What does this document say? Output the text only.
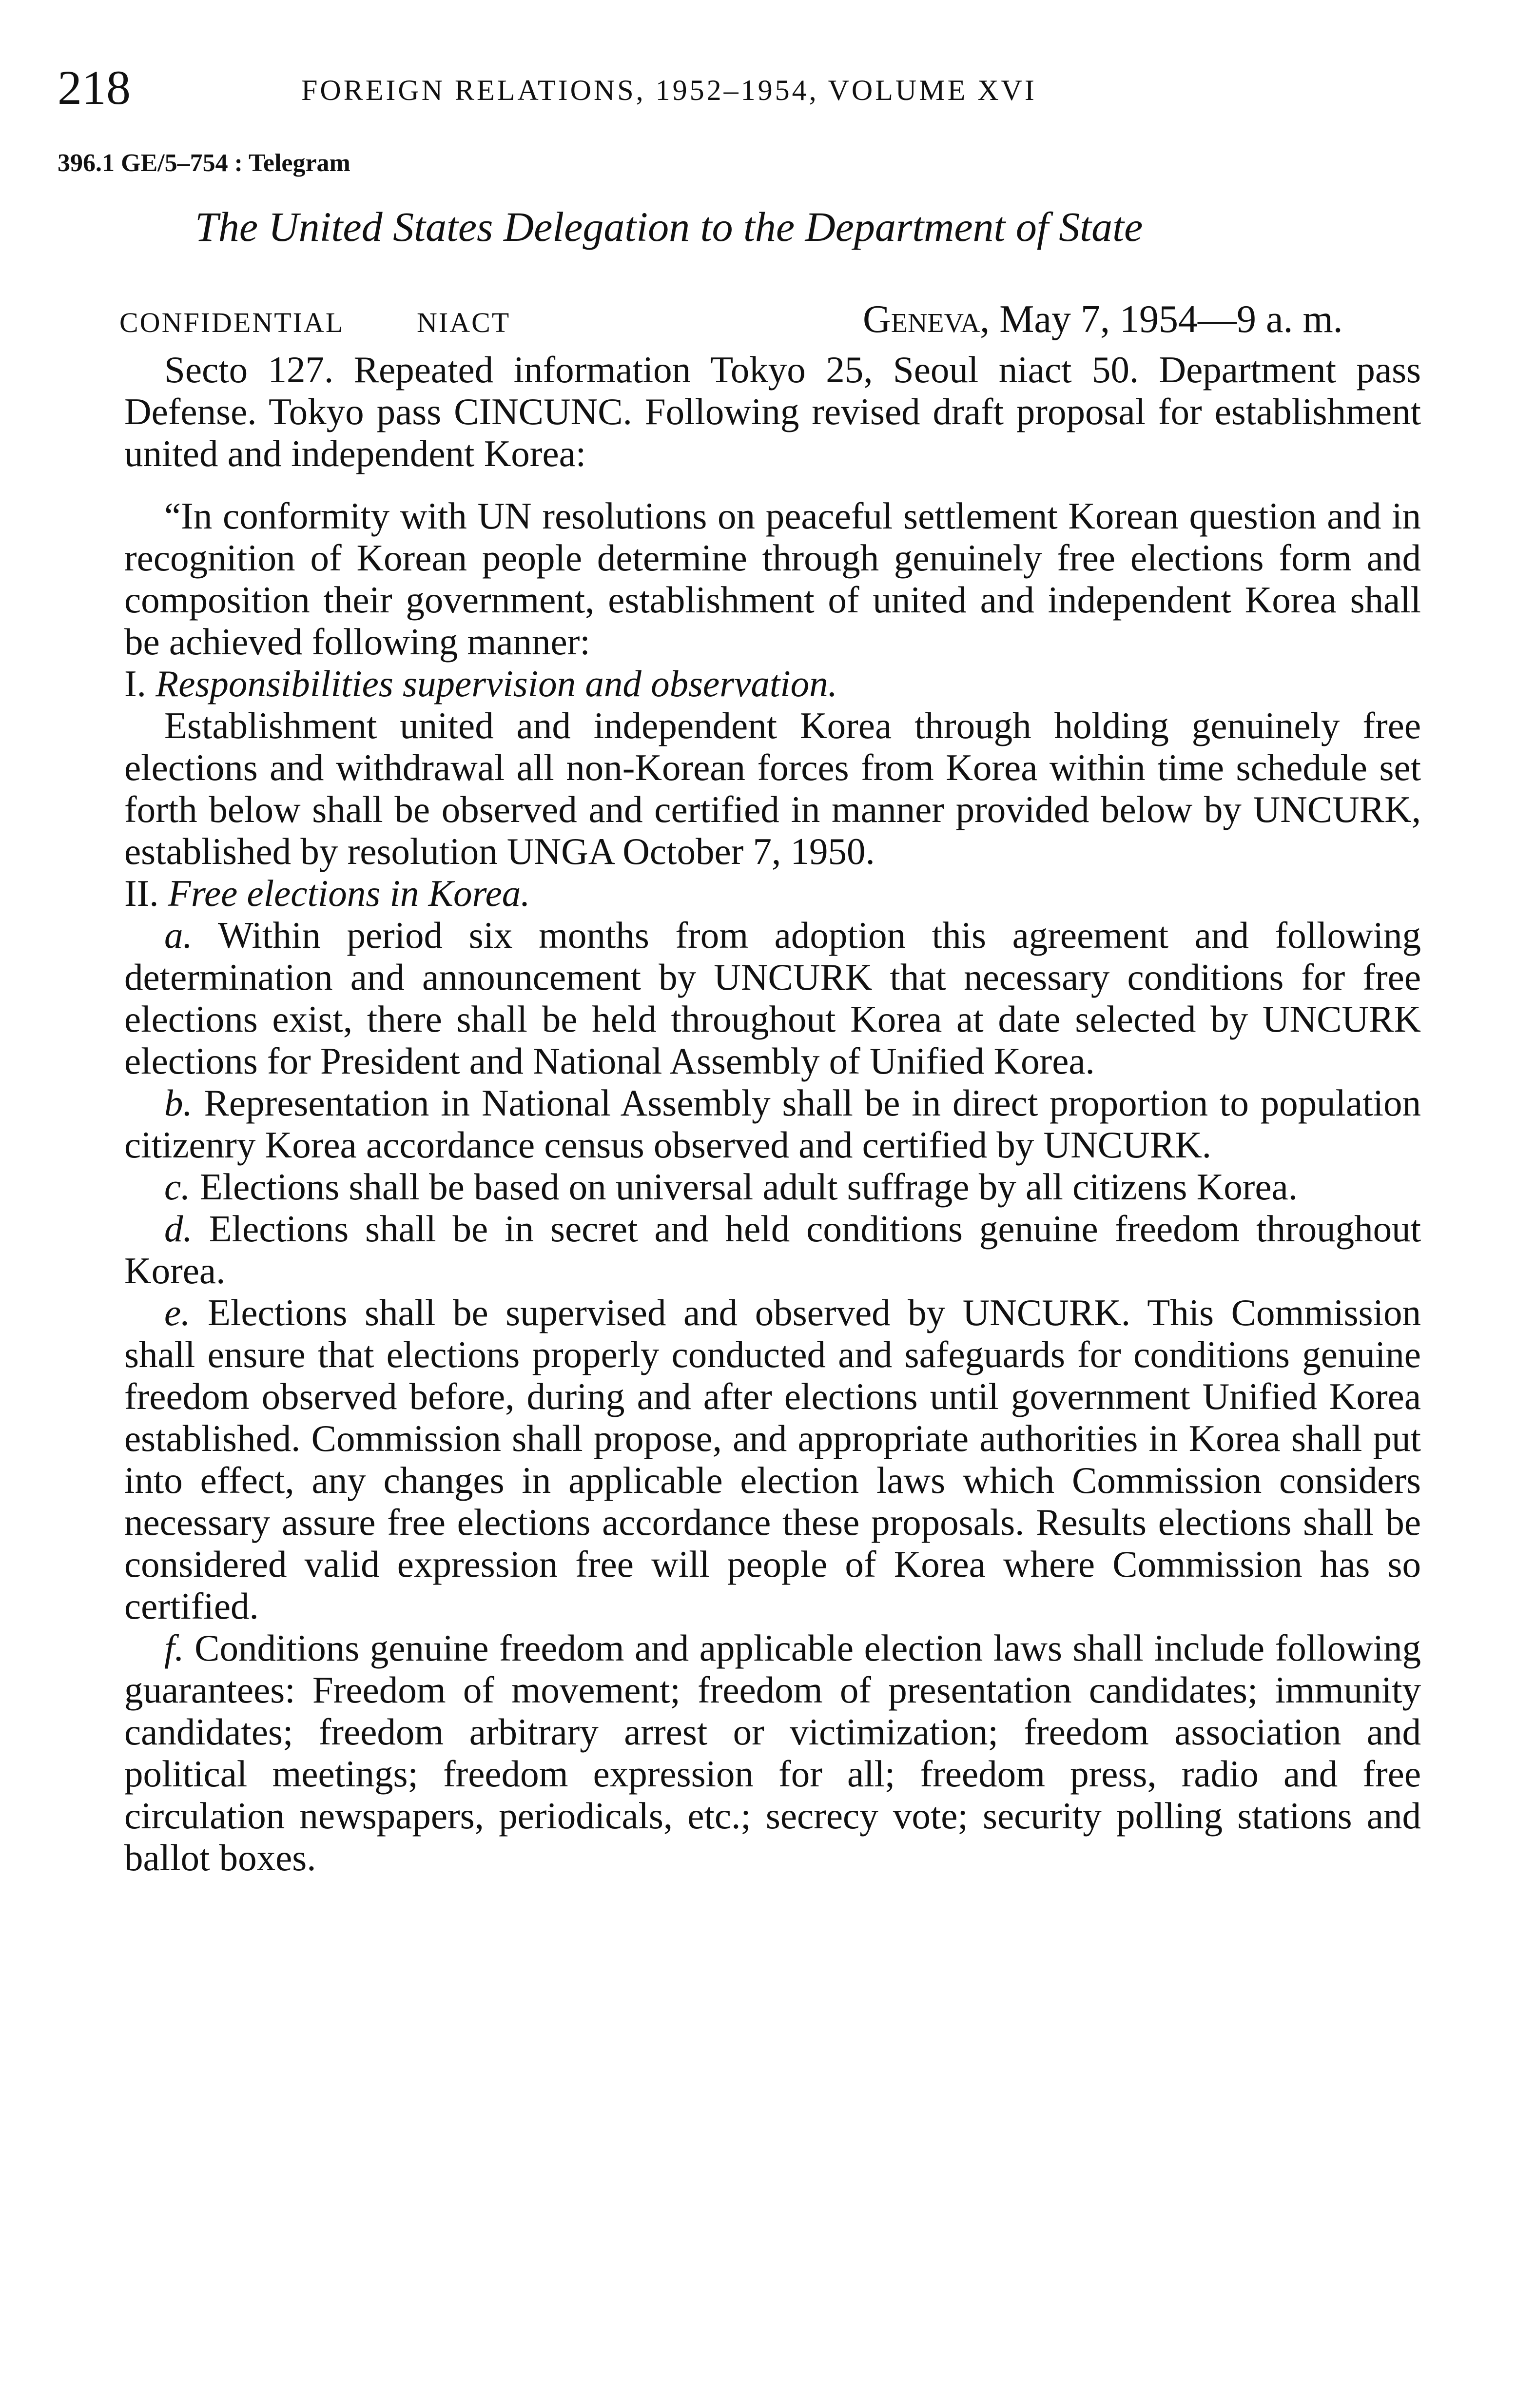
218	FOREIGN RELATIONS, 1952–1954, VOLUME XVI
396.1 GE/5–754 : Telegram
The United States Delegation to the Department of State
CONFIDENTIAL	NIACT	Geneva, May 7, 1954—9 a. m.

Secto 127. Repeated information Tokyo 25, Seoul niact 50. Department pass Defense. Tokyo pass CINCUNC. Following revised draft proposal for establishment united and independent Korea:

“In conformity with UN resolutions on peaceful settlement Korean question and in recognition of Korean people determine through genuinely free elections form and composition their government, establishment of united and independent Korea shall be achieved following manner:

I. Responsibilities supervision and observation.

Establishment united and independent Korea through holding genuinely free elections and withdrawal all non-Korean forces from Korea within time schedule set forth below shall be observed and certified in manner provided below by UNCURK, established by resolution UNGA October 7, 1950.

II. Free elections in Korea.

a. Within period six months from adoption this agreement and following determination and announcement by UNCURK that necessary conditions for free elections exist, there shall be held throughout Korea at date selected by UNCURK elections for President and National Assembly of Unified Korea.

b. Representation in National Assembly shall be in direct proportion to population citizenry Korea accordance census observed and certified by UNCURK.

c. Elections shall be based on universal adult suffrage by all citizens Korea.

d. Elections shall be in secret and held conditions genuine freedom throughout Korea.

e. Elections shall be supervised and observed by UNCURK. This Commission shall ensure that elections properly conducted and safeguards for conditions genuine freedom observed before, during and after elections until government Unified Korea established. Commission shall propose, and appropriate authorities in Korea shall put into effect, any changes in applicable election laws which Commission considers necessary assure free elections accordance these proposals. Results elections shall be considered valid expression free will people of Korea where Commission has so certified.

f. Conditions genuine freedom and applicable election laws shall include following guarantees: Freedom of movement; freedom of presentation candidates; immunity candidates; freedom arbitrary arrest or victimization; freedom association and political meetings; freedom expression for all; freedom press, radio and free circulation newspapers, periodicals, etc.; secrecy vote; security polling stations and ballot boxes.
